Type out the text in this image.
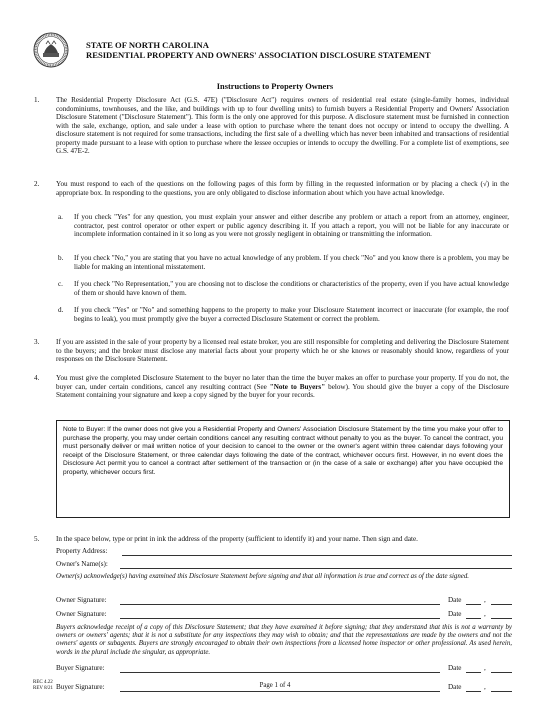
STATE OF NORTH CAROLINA
RESIDENTIAL PROPERTY AND OWNERS' ASSOCIATION DISCLOSURE STATEMENT
Instructions to Property Owners
1.	The Residential Property Disclosure Act (G.S. 47E) ("Disclosure Act") requires owners of residential real estate (single-family homes, individual condominiums, townhouses, and the like, and buildings with up to four dwelling units) to furnish buyers a Residential Property and Owners' Association Disclosure Statement ("Disclosure Statement"). This form is the only one approved for this purpose. A disclosure statement must be furnished in connection with the sale, exchange, option, and sale under a lease with option to purchase where the tenant does not occupy or intend to occupy the dwelling. A disclosure statement is not required for some transactions, including the first sale of a dwelling which has never been inhabited and transactions of residential property made pursuant to a lease with option to purchase where the lessee occupies or intends to occupy the dwelling. For a complete list of exemptions, see G.S. 47E-2.
2.	You must respond to each of the questions on the following pages of this form by filling in the requested information or by placing a check (√) in the appropriate box. In responding to the questions, you are only obligated to disclose information about which you have actual knowledge.
a. If you check "Yes" for any question, you must explain your answer and either describe any problem or attach a report from an attorney, engineer, contractor, pest control operator or other expert or public agency describing it. If you attach a report, you will not be liable for any inaccurate or incomplete information contained in it so long as you were not grossly negligent in obtaining or transmitting the information.
b. If you check "No," you are stating that you have no actual knowledge of any problem. If you check "No" and you know there is a problem, you may be liable for making an intentional misstatement.
c. If you check "No Representation," you are choosing not to disclose the conditions or characteristics of the property, even if you have actual knowledge of them or should have known of them.
d. If you check "Yes" or "No" and something happens to the property to make your Disclosure Statement incorrect or inaccurate (for example, the roof begins to leak), you must promptly give the buyer a corrected Disclosure Statement or correct the problem.
3.	If you are assisted in the sale of your property by a licensed real estate broker, you are still responsible for completing and delivering the Disclosure Statement to the buyers; and the broker must disclose any material facts about your property which he or she knows or reasonably should know, regardless of your responses on the Disclosure Statement.
4.	You must give the completed Disclosure Statement to the buyer no later than the time the buyer makes an offer to purchase your property. If you do not, the buyer can, under certain conditions, cancel any resulting contract (See "Note to Buyers" below). You should give the buyer a copy of the Disclosure Statement containing your signature and keep a copy signed by the buyer for your records.
Note to Buyer: If the owner does not give you a Residential Property and Owners' Association Disclosure Statement by the time you make your offer to purchase the property, you may under certain conditions cancel any resulting contract without penalty to you as the buyer. To cancel the contract, you must personally deliver or mail written notice of your decision to cancel to the owner or the owner's agent within three calendar days following your receipt of the Disclosure Statement, or three calendar days following the date of the contract, whichever occurs first. However, in no event does the Disclosure Act permit you to cancel a contract after settlement of the transaction or (in the case of a sale or exchange) after you have occupied the property, whichever occurs first.
5.	In the space below, type or print in ink the address of the property (sufficient to identify it) and your name. Then sign and date.
Property Address:
Owner's Name(s):
Owner(s) acknowledge(s) having examined this Disclosure Statement before signing and that all information is true and correct as of the date signed.
Owner Signature:	Date	,
Owner Signature:	Date	,
Buyers acknowledge receipt of a copy of this Disclosure Statement; that they have examined it before signing; that they understand that this is not a warranty by owners or owners' agents; that it is not a substitute for any inspections they may wish to obtain; and that the representations are made by the owners and not the owners' agents or subagents. Buyers are strongly encouraged to obtain their own inspections from a licensed home inspector or other professional. As used herein, words in the plural include the singular, as appropriate.
Buyer Signature:	Date	,
Buyer Signature:	Date	,
REC 4.22
REV 8/21	Page 1 of 4
